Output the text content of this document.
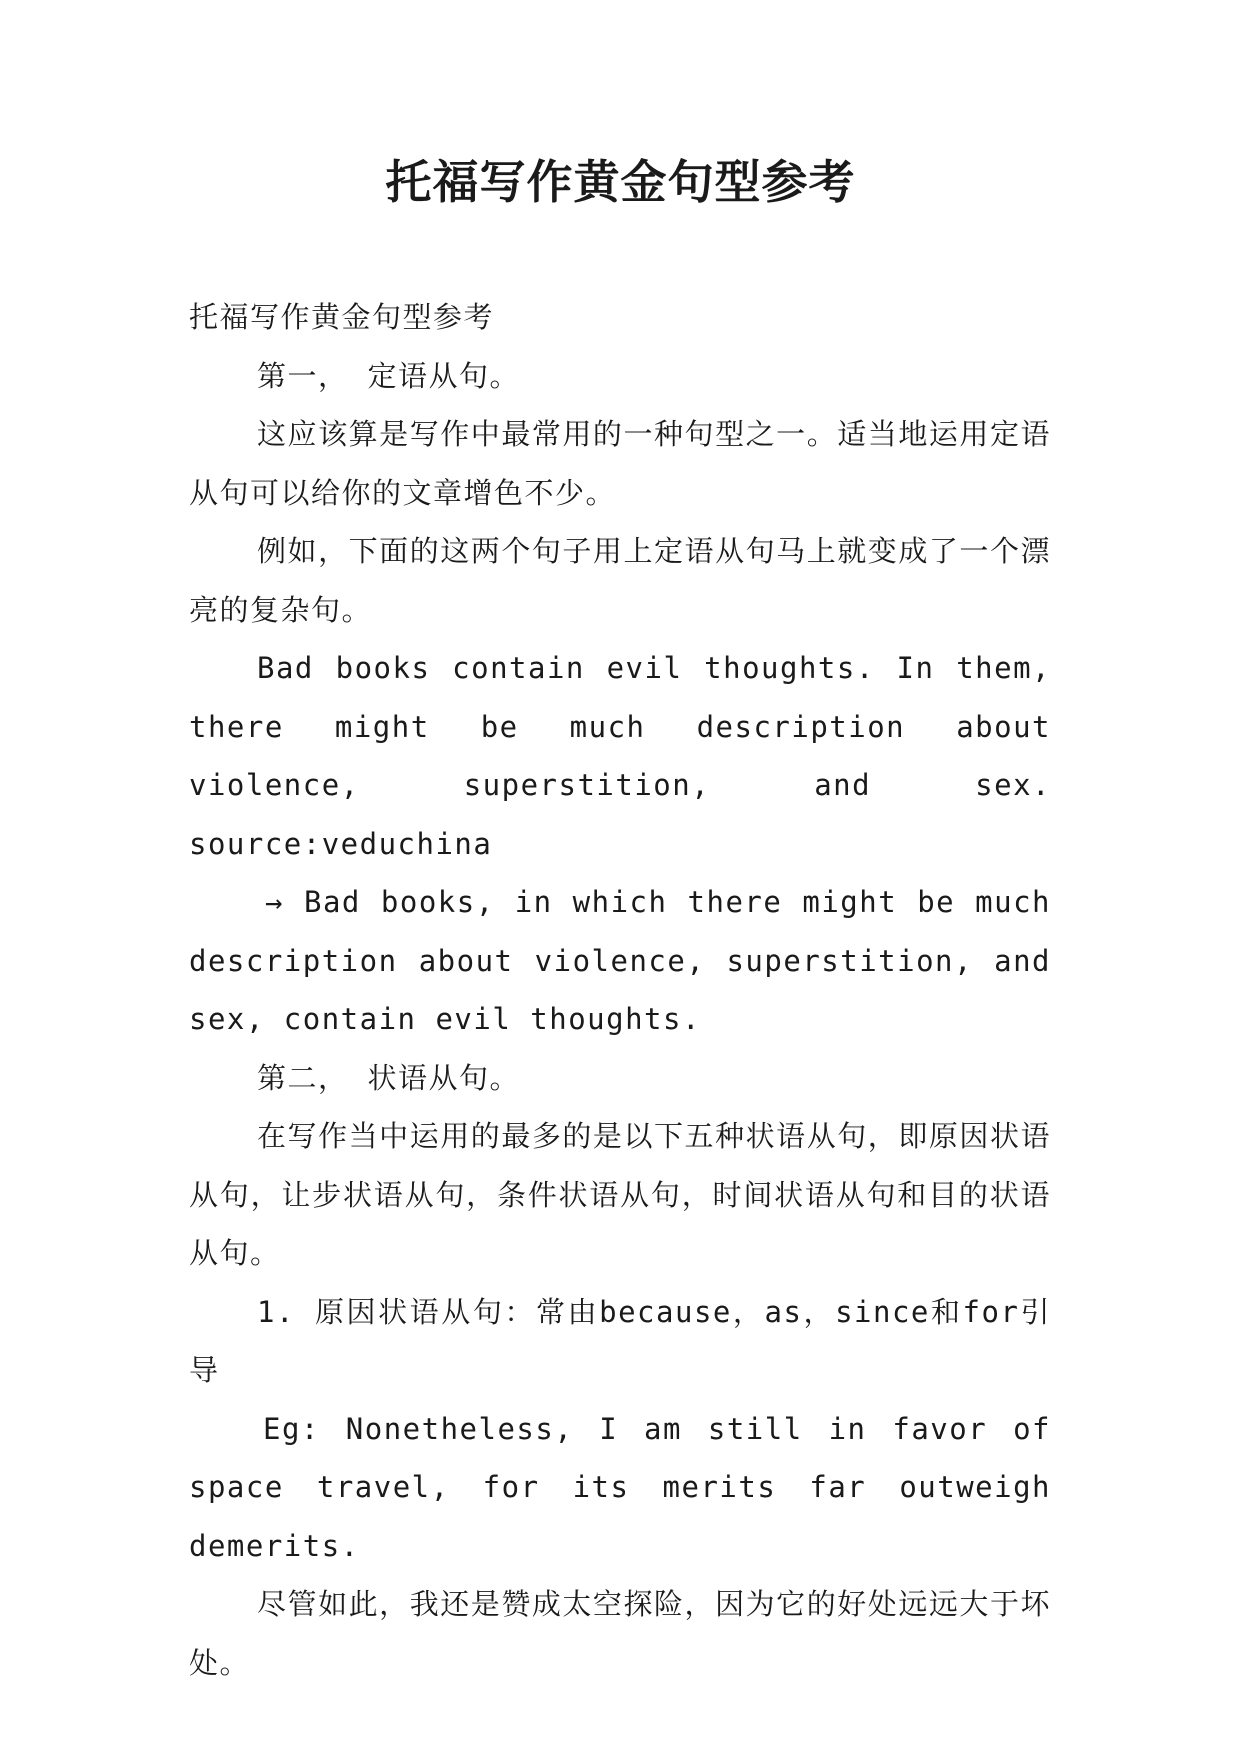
托福写作黄金句型参考

托福写作黄金句型参考

第一， 定语从句。

这应该算是写作中最常用的一种句型之一。适当地运用定语从句可以给你的文章增色不少。

例如，下面的这两个句子用上定语从句马上就变成了一个漂亮的复杂句。

Bad books contain evil thoughts. In them, there might be much description about violence, superstition, and sex. source:veduchina

→ Bad books, in which there might be much description about violence, superstition, and sex, contain evil thoughts.

第二， 状语从句。

在写作当中运用的最多的是以下五种状语从句，即原因状语从句，让步状语从句，条件状语从句，时间状语从句和目的状语从句。

1. 原因状语从句：常由because，as，since和for引导

Eg: Nonetheless, I am still in favor of space travel, for its merits far outweigh demerits.

尽管如此，我还是赞成太空探险，因为它的好处远远大于坏处。
